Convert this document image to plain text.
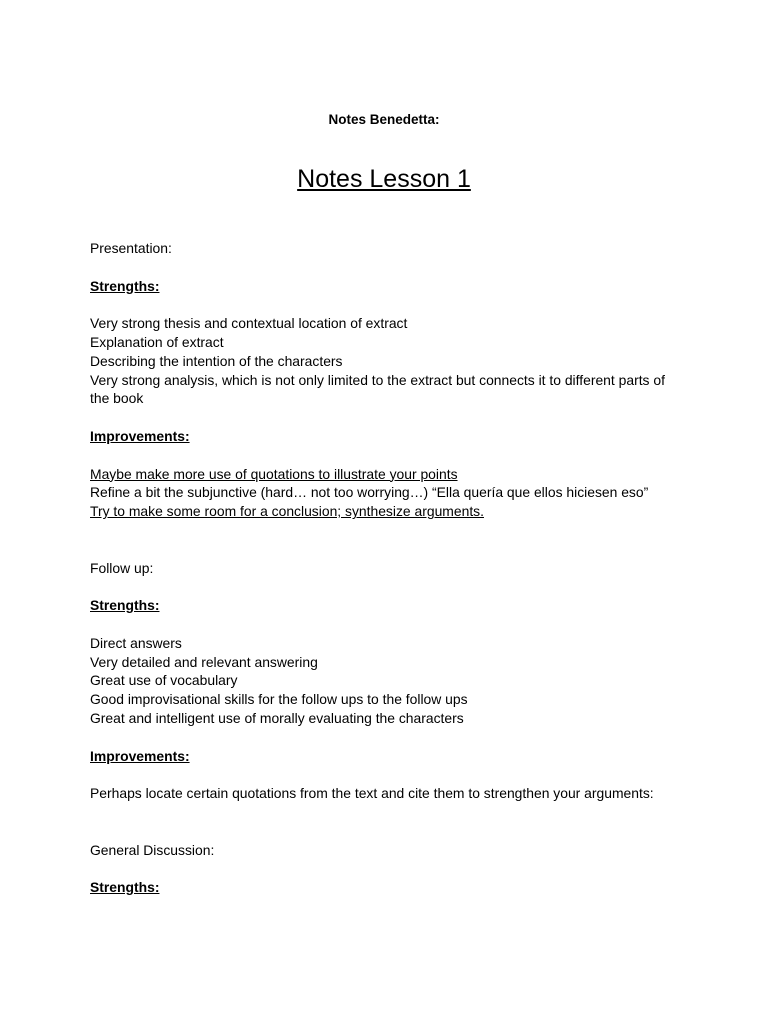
Notes Benedetta:
Notes Lesson 1

Presentation:

Strengths:

Very strong thesis and contextual location of extract

Explanation of extract

Describing the intention of the characters

Very strong analysis, which is not only limited to the extract but connects it to different parts of the book

Improvements:

Maybe make more use of quotations to illustrate your points

Refine a bit the subjunctive (hard… not too worrying…) “Ella quería que ellos hiciesen eso”

Try to make some room for a conclusion; synthesize arguments.

Follow up:

Strengths:

Direct answers

Very detailed and relevant answering

Great use of vocabulary

Good improvisational skills for the follow ups to the follow ups

Great and intelligent use of morally evaluating the characters

Improvements:

Perhaps locate certain quotations from the text and cite them to strengthen your arguments:

General Discussion:

Strengths:
